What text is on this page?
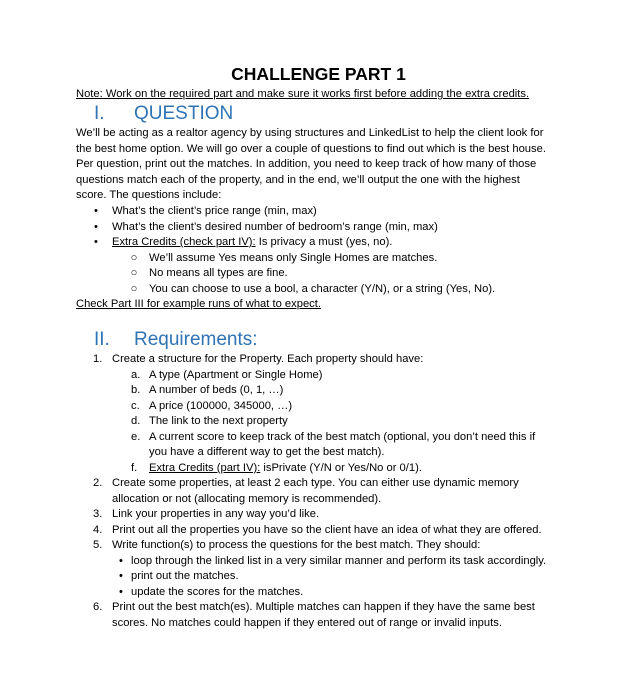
CHALLENGE PART 1
Note: Work on the required part and make sure it works first before adding the extra credits.
I. QUESTION
We’ll be acting as a realtor agency by using structures and LinkedList to help the client look for
the best home option. We will go over a couple of questions to find out which is the best house.
Per question, print out the matches. In addition, you need to keep track of how many of those
questions match each of the property, and in the end, we’ll output the one with the highest
score. The questions include:
• What’s the client’s price range (min, max)
• What’s the client’s desired number of bedroom’s range (min, max)
• Extra Credits (check part IV): Is privacy a must (yes, no).
○ We’ll assume Yes means only Single Homes are matches.
○ No means all types are fine.
○ You can choose to use a bool, a character (Y/N), or a string (Yes, No).
Check Part III for example runs of what to expect.
II. Requirements:
1. Create a structure for the Property. Each property should have:
a. A type (Apartment or Single Home)
b. A number of beds (0, 1, …)
c. A price (100000, 345000, …)
d. The link to the next property
e. A current score to keep track of the best match (optional, you don’t need this if
you have a different way to get the best match).
f. Extra Credits (part IV): isPrivate (Y/N or Yes/No or 0/1).
2. Create some properties, at least 2 each type. You can either use dynamic memory
allocation or not (allocating memory is recommended).
3. Link your properties in any way you’d like.
4. Print out all the properties you have so the client have an idea of what they are offered.
5. Write function(s) to process the questions for the best match. They should:
• loop through the linked list in a very similar manner and perform its task accordingly.
• print out the matches.
• update the scores for the matches.
6. Print out the best match(es). Multiple matches can happen if they have the same best
scores. No matches could happen if they entered out of range or invalid inputs.
